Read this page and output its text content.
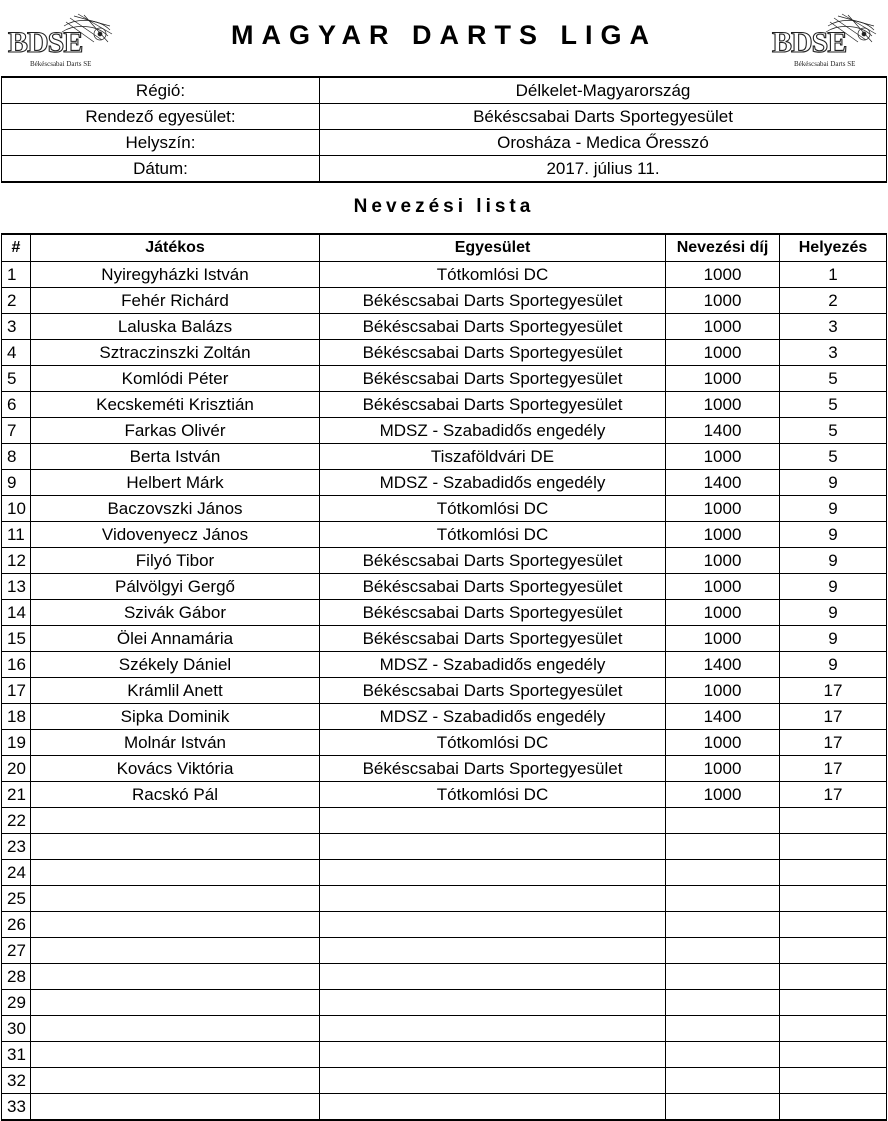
BDSE
Békéscsabai Darts SE
MAGYAR DARTS LIGA	BDSE
Békéscsabai Darts SE
Régió:	Délkelet-Magyarország
Rendező egyesület:	Békéscsabai Darts Sportegyesület
Helyszín:	Orosháza - Medica Őresszó
Dátum:	2017. július 11.
Nevezési lista
#	Játékos	Egyesület	Nevezési díj	Helyezés
1	Nyiregyházki István	Tótkomlósi DC	1000	1
2	Fehér Richárd	Békéscsabai Darts Sportegyesület	1000	2
3	Laluska Balázs	Békéscsabai Darts Sportegyesület	1000	3
4	Sztraczinszki Zoltán	Békéscsabai Darts Sportegyesület	1000	3
5	Komlódi Péter	Békéscsabai Darts Sportegyesület	1000	5
6	Kecskeméti Krisztián	Békéscsabai Darts Sportegyesület	1000	5
7	Farkas Olivér	MDSZ - Szabadidős engedély	1400	5
8	Berta István	Tiszaföldvári DE	1000	5
9	Helbert Márk	MDSZ - Szabadidős engedély	1400	9
10	Baczovszki János	Tótkomlósi DC	1000	9
11	Vidovenyecz János	Tótkomlósi DC	1000	9
12	Filyó Tibor	Békéscsabai Darts Sportegyesület	1000	9
13	Pálvölgyi Gergő	Békéscsabai Darts Sportegyesület	1000	9
14	Szivák Gábor	Békéscsabai Darts Sportegyesület	1000	9
15	Ölei Annamária	Békéscsabai Darts Sportegyesület	1000	9
16	Székely Dániel	MDSZ - Szabadidős engedély	1400	9
17	Krámlil Anett	Békéscsabai Darts Sportegyesület	1000	17
18	Sipka Dominik	MDSZ - Szabadidős engedély	1400	17
19	Molnár István	Tótkomlósi DC	1000	17
20	Kovács Viktória	Békéscsabai Darts Sportegyesület	1000	17
21	Racskó Pál	Tótkomlósi DC	1000	17
22				
23				
24				
25				
26				
27				
28				
29				
30				
31				
32				
33				
